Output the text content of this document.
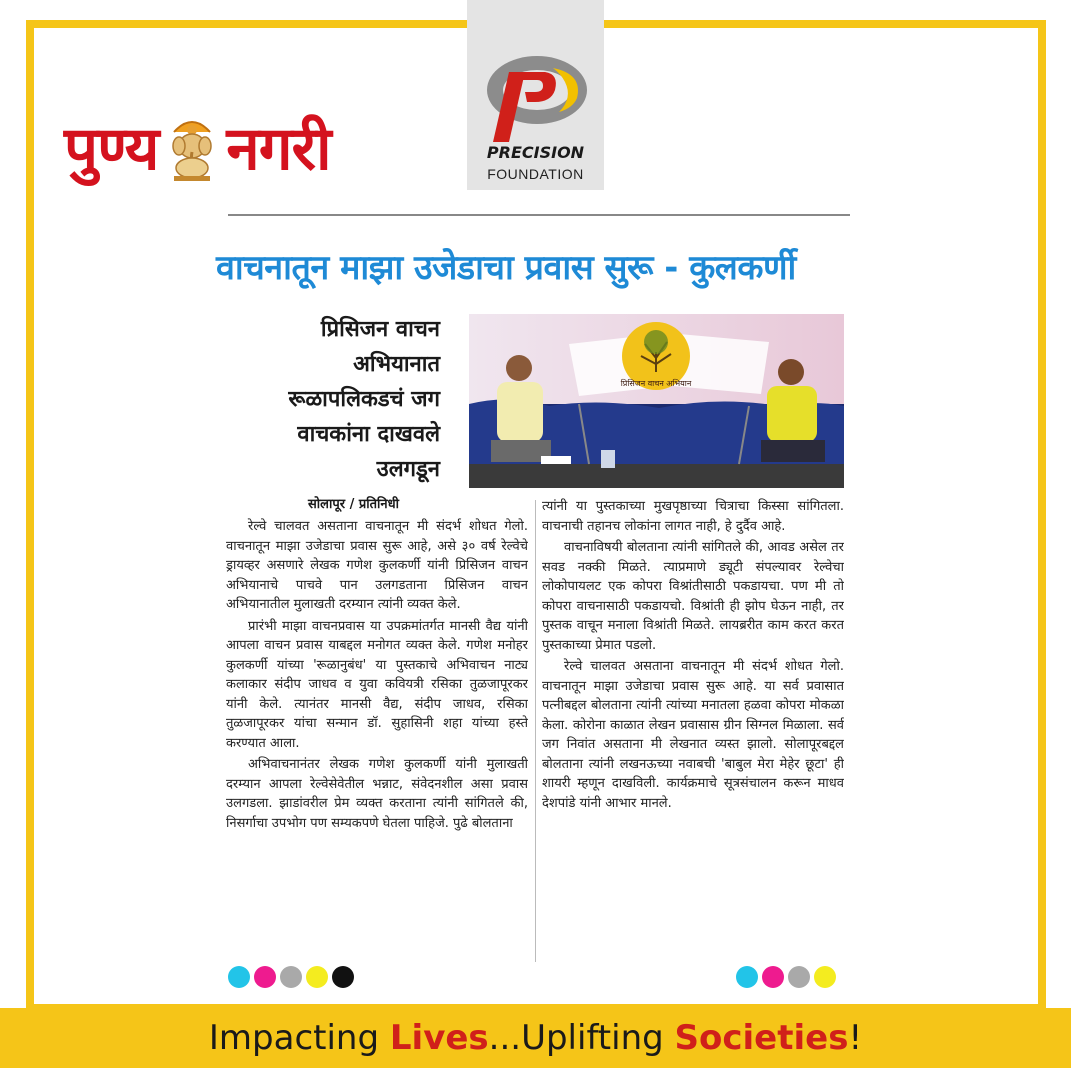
पुण्य नगरी	PRECISION
FOUNDATION
वाचनातून माझा उजेडाचा प्रवास सुरू - कुलकर्णी
प्रिसिजन वाचन
अभियानात
रूळापलिकडचं जग
वाचकांना दाखवले
उलगडून
प्रिसिजन वाचन अभियान
सोलापूर / प्रतिनिधी

रेल्वे चालवत असताना वाचनातून मी संदर्भ शोधत गेलो. वाचनातून माझा उजेडाचा प्रवास सुरू आहे, असे ३० वर्ष रेल्वेचे ड्रायव्हर असणारे लेखक गणेश कुलकर्णी यांनी प्रिसिजन वाचन अभियानाचे पाचवे पान उलगडताना प्रिसिजन वाचन अभियानातील मुलाखती दरम्यान त्यांनी व्यक्त केले.

प्रारंभी माझा वाचनप्रवास या उपक्रमांतर्गत मानसी वैद्य यांनी आपला वाचन प्रवास याबद्दल मनोगत व्यक्त केले. गणेश मनोहर कुलकर्णी यांच्या 'रूळानुबंध' या पुस्तकाचे अभिवाचन नाट्य कलाकार संदीप जाधव व युवा कवियत्री रसिका तुळजापूरकर यांनी केले. त्यानंतर मानसी वैद्य, संदीप जाधव, रसिका तुळजापूरकर यांचा सन्मान डॉ. सुहासिनी शहा यांच्या हस्ते करण्यात आला.

अभिवाचनानंतर लेखक गणेश कुलकर्णी यांनी मुलाखती दरम्यान आपला रेल्वेसेवेतील भन्नाट, संवेदनशील असा प्रवास उलगडला. झाडांवरील प्रेम व्यक्त करताना त्यांनी सांगितले की, निसर्गाचा उपभोग पण सम्यकपणे घेतला पाहिजे. पुढे बोलताना

त्यांनी या पुस्तकाच्या मुखपृष्ठाच्या चित्राचा किस्सा सांगितला. वाचनाची तहानच लोकांना लागत नाही, हे दुर्दैव आहे.

वाचनाविषयी बोलताना त्यांनी सांगितले की, आवड असेल तर सवड नक्की मिळते. त्याप्रमाणे ड्यूटी संपल्यावर रेल्वेचा लोकोपायलट एक कोपरा विश्रांतीसाठी पकडायचा. पण मी तो कोपरा वाचनासाठी पकडायचो. विश्रांती ही झोप घेऊन नाही, तर पुस्तक वाचून मनाला विश्रांती मिळते. लायब्ररीत काम करत करत पुस्तकाच्या प्रेमात पडलो.

रेल्वे चालवत असताना वाचनातून मी संदर्भ शोधत गेलो. वाचनातून माझा उजेडाचा प्रवास सुरू आहे. या सर्व प्रवासात पत्नीबद्दल बोलताना त्यांनी त्यांच्या मनातला हळवा कोपरा मोकळा केला. कोरोना काळात लेखन प्रवासास ग्रीन सिग्नल मिळाला. सर्व जग निवांत असताना मी लेखनात व्यस्त झालो. सोलापूरबद्दल बोलताना त्यांनी लखनऊच्या नवाबची 'बाबुल मेरा मेहेर छूटा' ही शायरी म्हणून दाखविली. कार्यक्रमाचे सूत्रसंचालन करून माधव देशपांडे यांनी आभार मानले.

Impacting Lives...Uplifting Societies!
